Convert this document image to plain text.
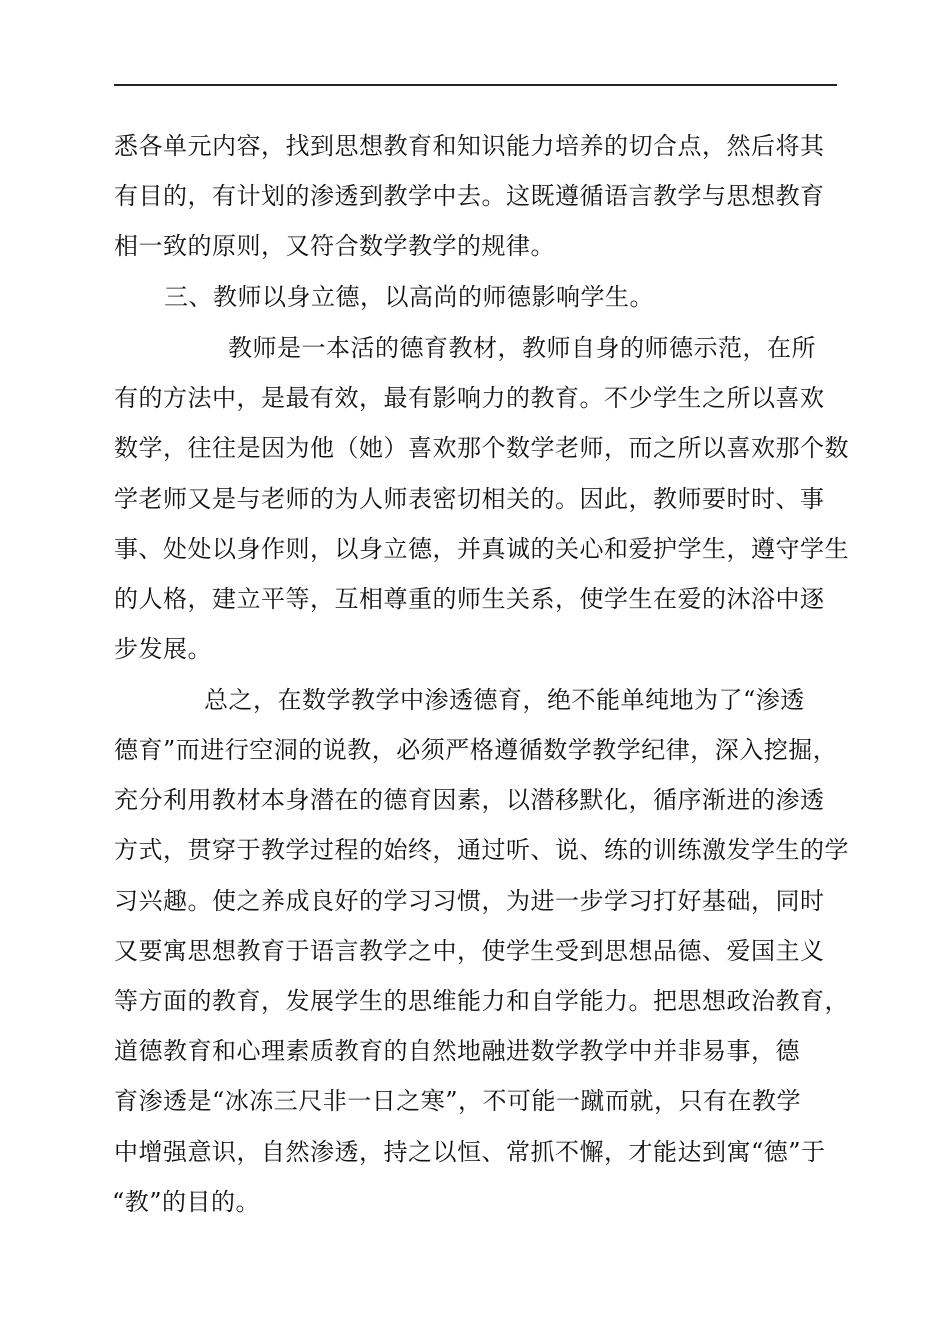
悉各单元内容，找到思想教育和知识能力培养的切合点，然后将其
有目的，有计划的渗透到教学中去。这既遵循语言教学与思想教育
相一致的原则，又符合数学教学的规律。
三、教师以身立德，以高尚的师德影响学生。
教师是一本活的德育教材，教师自身的师德示范，在所
有的方法中，是最有效，最有影响力的教育。不少学生之所以喜欢
数学，往往是因为他（她）喜欢那个数学老师，而之所以喜欢那个数
学老师又是与老师的为人师表密切相关的。因此，教师要时时、事
事、处处以身作则，以身立德，并真诚的关心和爱护学生，遵守学生
的人格，建立平等，互相尊重的师生关系，使学生在爱的沐浴中逐
步发展。
总之，在数学教学中渗透德育，绝不能单纯地为了“渗透
德育”而进行空洞的说教，必须严格遵循数学教学纪律，深入挖掘，
充分利用教材本身潜在的德育因素，以潜移默化，循序渐进的渗透
方式，贯穿于教学过程的始终，通过听、说、练的训练激发学生的学
习兴趣。使之养成良好的学习习惯，为进一步学习打好基础，同时
又要寓思想教育于语言教学之中，使学生受到思想品德、爱国主义
等方面的教育，发展学生的思维能力和自学能力。把思想政治教育，
道德教育和心理素质教育的自然地融进数学教学中并非易事，德
育渗透是“冰冻三尺非一日之寒”，不可能一蹴而就，只有在教学
中增强意识，自然渗透，持之以恒、常抓不懈，才能达到寓“德”于
“教”的目的。
